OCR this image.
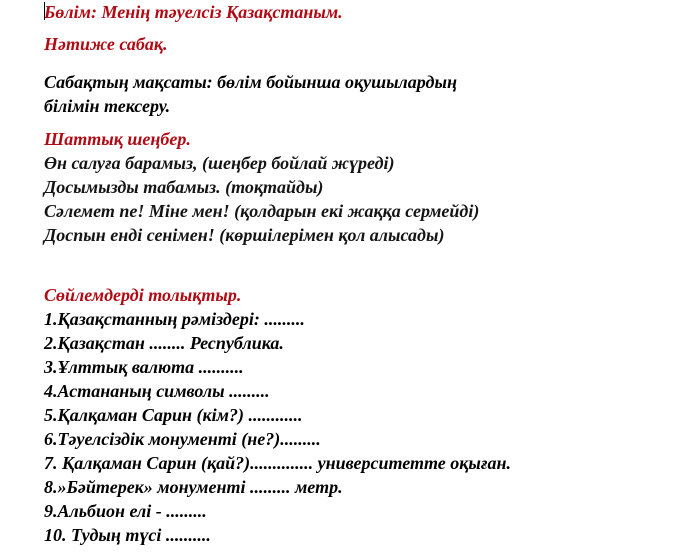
Бөлім: Менің тәуелсіз Қазақстаным.
Нәтиже сабақ.
Сабақтың мақсаты: бөлім бойынша оқушылардың
білімін тексеру.
Шаттық шеңбер.
Өн салуға барамыз, (шеңбер бойлай жүреді)
Досымызды табамыз. (тоқтайды)
Сәлемет пе! Міне мен! (қолдарын екі жаққа сермейді)
Доспын енді сенімен! (көршілерімен қол алысады)
Сөйлемдерді толықтыр.
1.Қазақстанның рәміздері: .........
2.Қазақстан ........ Республика.
3.Ұлттық валюта ..........
4.Астананың символы .........
5.Қалқаман Сарин (кім?) ............
6.Тәуелсіздік монументі (не?).........
7. Қалқаман Сарин (қай?).............. университетте оқыған.
8.»Бәйтерек» монументі ......... метр.
9.Альбион елі - .........
10. Тудың түсі ..........
